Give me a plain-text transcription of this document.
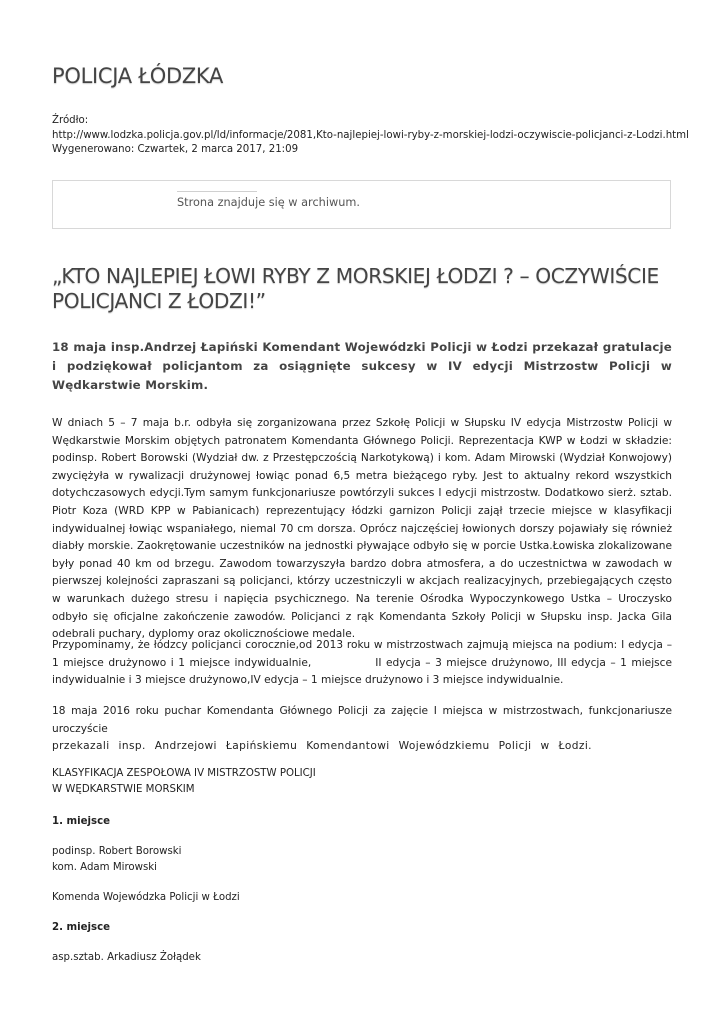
POLICJA ŁÓDZKA
Źródło:
http://www.lodzka.policja.gov.pl/ld/informacje/2081,Kto-najlepiej-lowi-ryby-z-morskiej-lodzi-oczywiscie-policjanci-z-Lodzi.html
Wygenerowano: Czwartek, 2 marca 2017, 21:09
Strona znajduje się w archiwum.
„KTO NAJLEPIEJ ŁOWI RYBY Z MORSKIEJ ŁODZI ? – OCZYWIŚCIE POLICJANCI Z ŁODZI!”

18 maja insp.Andrzej Łapiński Komendant Wojewódzki Policji w Łodzi przekazał gratulacje i podziękował policjantom za osiągnięte sukcesy w IV edycji Mistrzostw Policji w Wędkarstwie Morskim.

W dniach 5 – 7 maja b.r. odbyła się zorganizowana przez Szkołę Policji w Słupsku IV edycja Mistrzostw Policji w Wędkarstwie Morskim objętych patronatem Komendanta Głównego Policji. Reprezentacja KWP w Łodzi w składzie: podinsp. Robert Borowski (Wydział dw. z Przestępczością Narkotykową) i kom. Adam Mirowski (Wydział Konwojowy) zwyciężyła w rywalizacji drużynowej łowiąc ponad 6,5 metra bieżącego ryby. Jest to aktualny rekord wszystkich dotychczasowych edycji.Tym samym funkcjonariusze powtórzyli sukces I edycji mistrzostw. Dodatkowo sierż. sztab. Piotr Koza (WRD KPP w Pabianicach) reprezentujący łódzki garnizon Policji zajął trzecie miejsce w klasyfikacji indywidualnej łowiąc wspaniałego, niemal 70 cm dorsza. Oprócz najczęściej łowionych dorszy pojawiały się również diabły morskie. Zaokrętowanie uczestników na jednostki pływające odbyło się w porcie Ustka.Łowiska zlokalizowane były ponad 40 km od brzegu. Zawodom towarzyszyła bardzo dobra atmosfera, a do uczestnictwa w zawodach w pierwszej kolejności zapraszani są policjanci, którzy uczestniczyli w akcjach realizacyjnych, przebiegających często w warunkach dużego stresu i napięcia psychicznego. Na terenie Ośrodka Wypoczynkowego Ustka – Uroczysko odbyło się oficjalne zakończenie zawodów. Policjanci z rąk Komendanta Szkoły Policji w Słupsku insp. Jacka Gila odebrali puchary, dyplomy oraz okolicznościowe medale.

Przypominamy, że łódzcy policjanci corocznie,od 2013 roku w mistrzostwach zajmują miejsca na podium: I edycja – 1 miejsce drużynowo i 1 miejsce indywidualnie,	II edycja – 3 miejsce drużynowo, III edycja – 1 miejsce indywidualnie i 3 miejsce drużynowo,IV edycja – 1 miejsce drużynowo i 3 miejsce indywidualnie.

18 maja 2016 roku puchar Komendanta Głównego Policji za zajęcie I miejsca w mistrzostwach, funkcjonariusze uroczyście
przekazali insp. Andrzejowi Łapińskiemu Komendantowi Wojewódzkiemu Policji w Łodzi.

KLASYFIKACJA ZESPOŁOWA IV MISTRZOSTW POLICJI
W WĘDKARSTWIE MORSKIM
1. miejsce
podinsp. Robert Borowski
kom. Adam Mirowski
Komenda Wojewódzka Policji w Łodzi
2. miejsce
asp.sztab. Arkadiusz Żołądek
